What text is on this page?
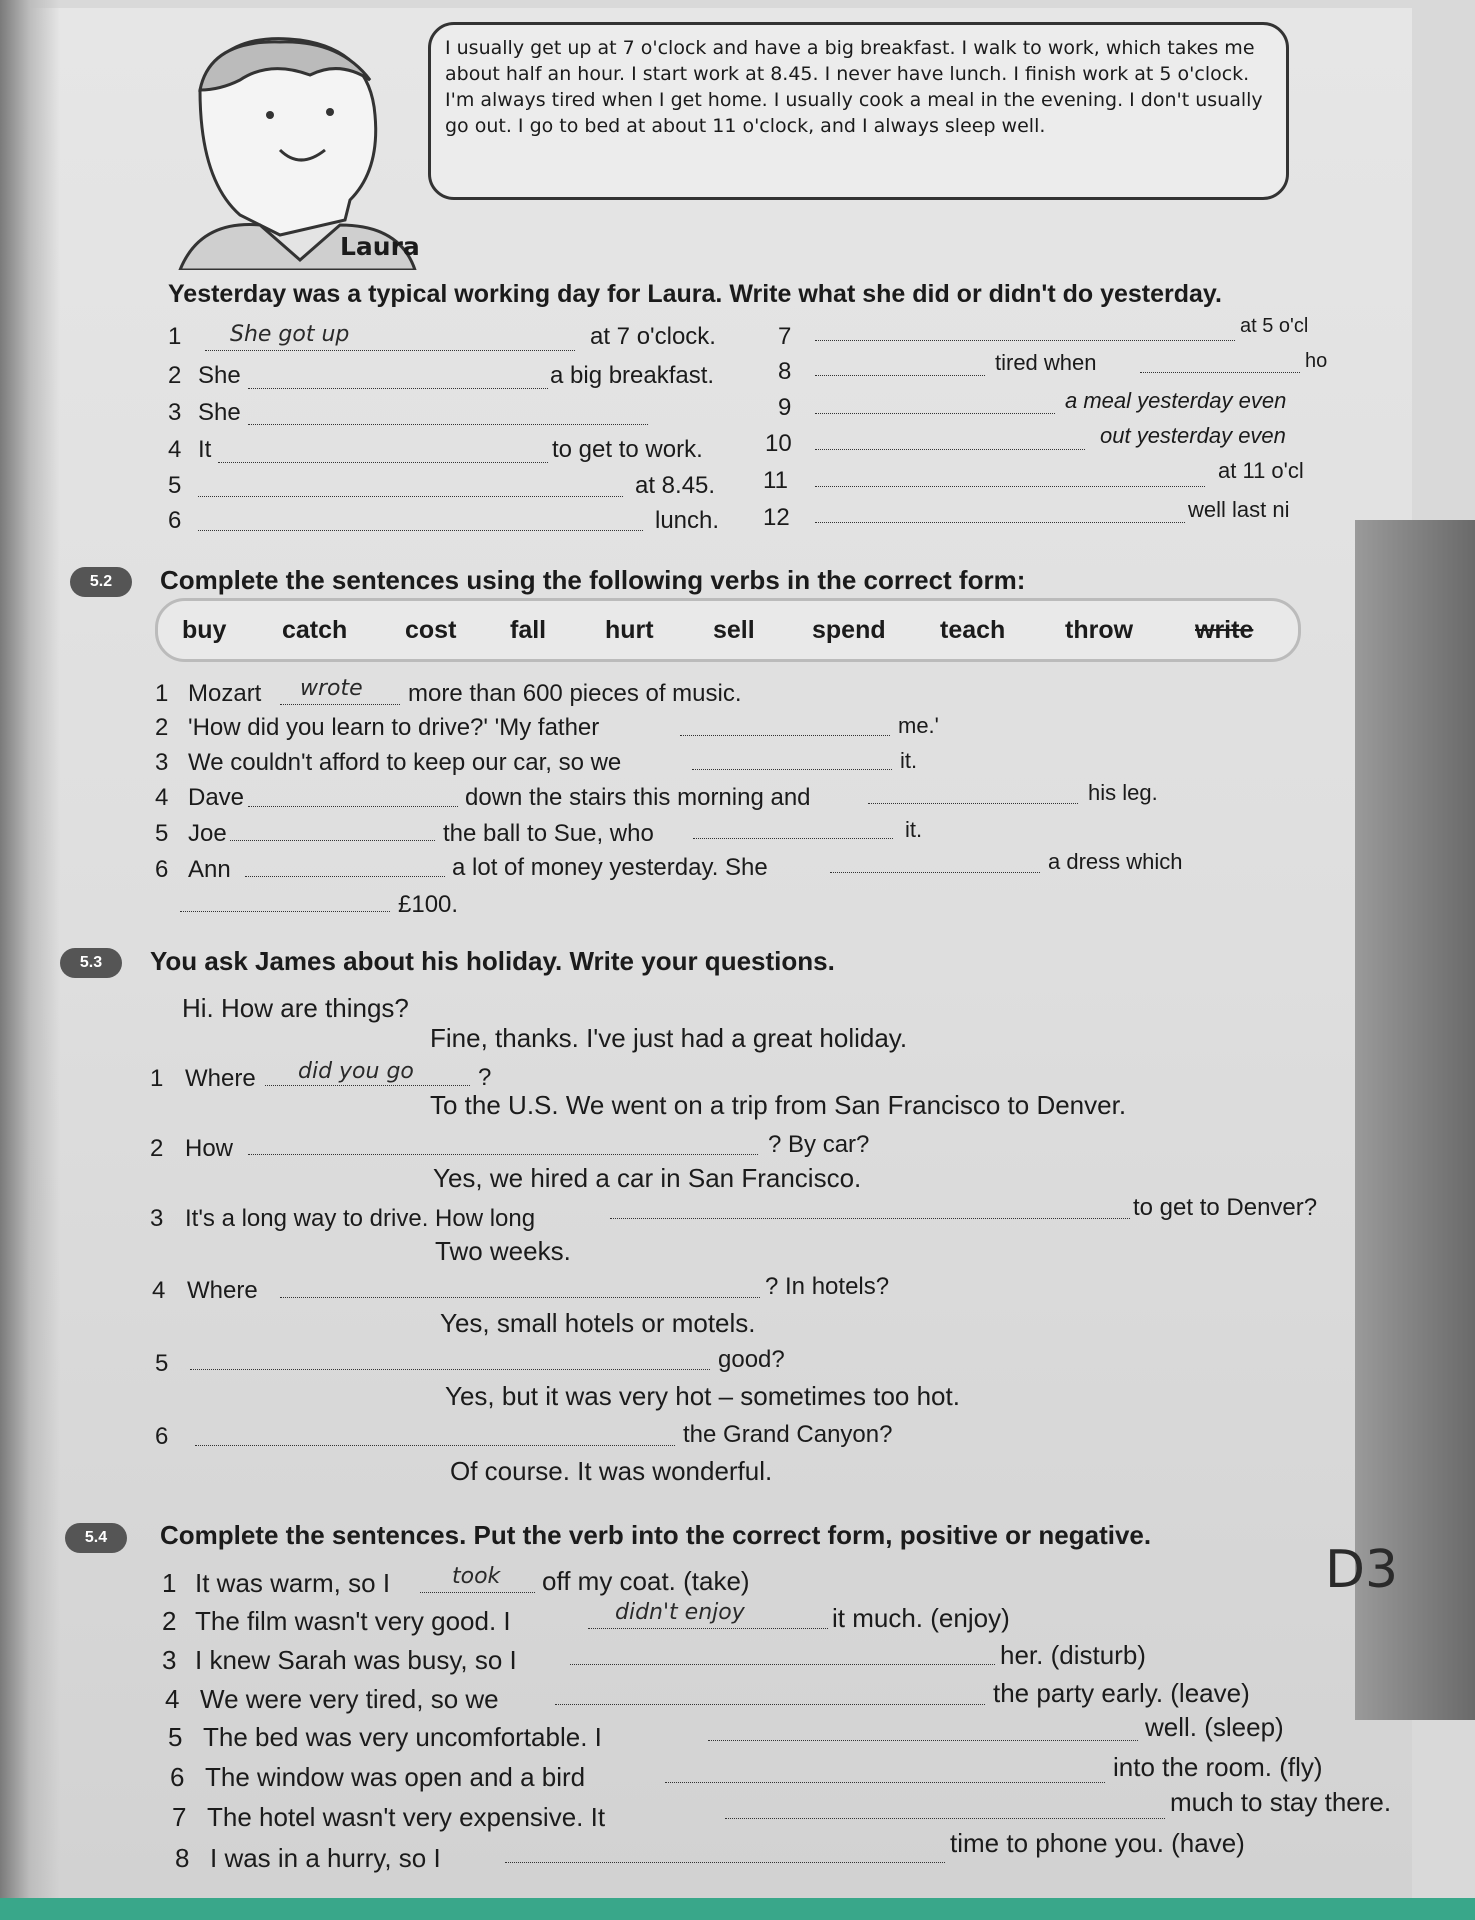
Laura

I usually get up at 7 o'clock and have a big breakfast. I walk to work, which takes me about half an hour. I start work at 8.45. I never have lunch. I finish work at 5 o'clock. I'm always tired when I get home. I usually cook a meal in the evening. I don't usually go out. I go to bed at about 11 o'clock, and I always sleep well.

Yesterday was a typical working day for Laura. Write what she did or didn't do yesterday.
1 She got up	at 7 o'clock.
2 She	a big breakfast.
3 She
4 It	to get to work.
5	at 8.45.
6	lunch.
7	at 5 o'cl
8	tired when	ho
9	a meal yesterday even
10	out yesterday even
11	at 11 o'cl
12	well last ni
5.2	Complete the sentences using the following verbs in the correct form:
buy catch cost fall hurt sell spend teach throw write
1 Mozart wrote more than 600 pieces of music.
2 'How did you learn to drive?' 'My father	me.'
3 We couldn't afford to keep our car, so we	it.
4 Dave	down the stairs this morning and	his leg.
5 Joe	the ball to Sue, who	it.
6 Ann	a lot of money yesterday. She	a dress which
£100.
5.3	You ask James about his holiday. Write your questions.
Hi. How are things?
Fine, thanks. I've just had a great holiday.
1 Where did you go	?
To the U.S. We went on a trip from San Francisco to Denver.
2 How	? By car?
Yes, we hired a car in San Francisco.
3 It's a long way to drive. How long	to get to Denver?
Two weeks.
4 Where	? In hotels?
Yes, small hotels or motels.
5	good?
Yes, but it was very hot – sometimes too hot.
6	the Grand Canyon?
Of course. It was wonderful.
5.4	Complete the sentences. Put the verb into the correct form, positive or negative.
1 It was warm, so I	took off my coat. (take)
2 The film wasn't very good. I	didn't enjoy	it much. (enjoy)
3 I knew Sarah was busy, so I	her. (disturb)
4 We were very tired, so we	the party early. (leave)
5 The bed was very uncomfortable. I	well. (sleep)
6 The window was open and a bird	into the room. (fly)
7 The hotel wasn't very expensive. It	much to stay there.
8 I was in a hurry, so I	time to phone you. (have)
D3
